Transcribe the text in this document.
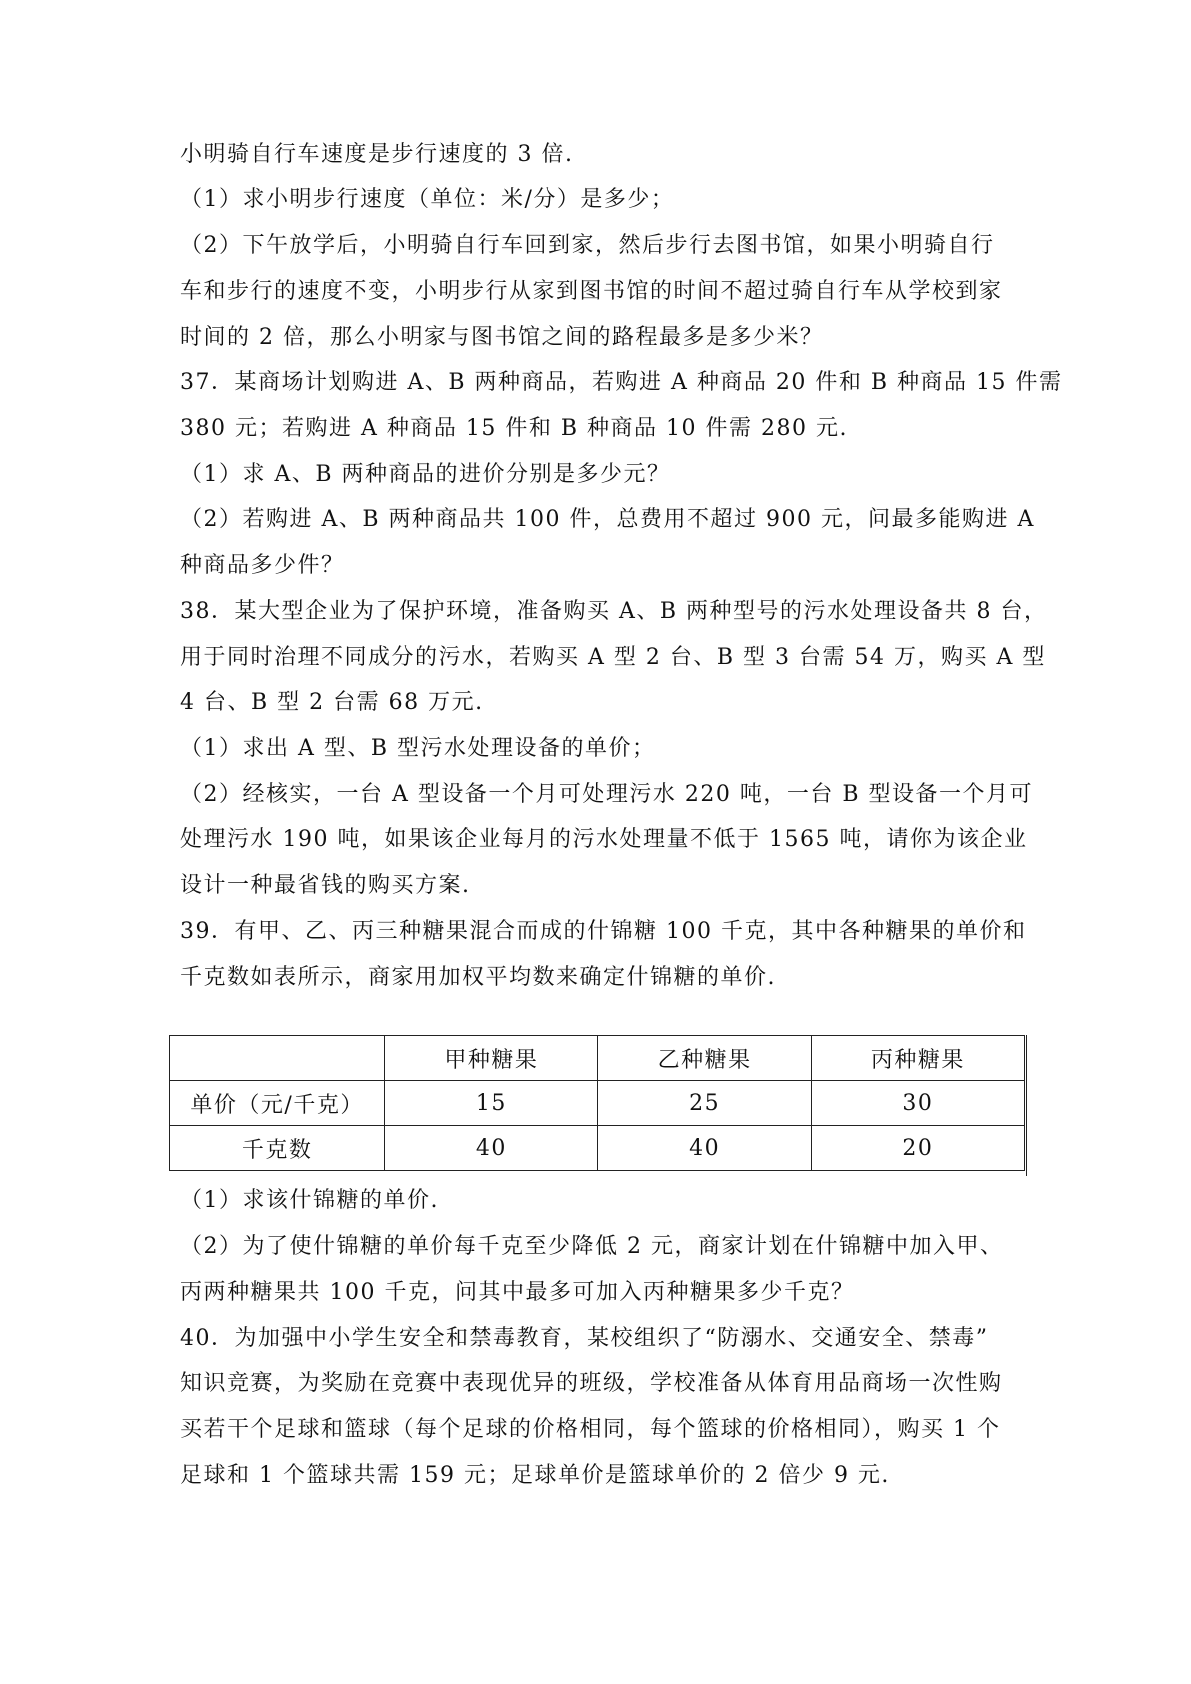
小明骑自行车速度是步行速度的 3 倍.
（1）求小明步行速度（单位：米/分）是多少；
（2）下午放学后，小明骑自行车回到家，然后步行去图书馆，如果小明骑自行
车和步行的速度不变，小明步行从家到图书馆的时间不超过骑自行车从学校到家
时间的 2 倍，那么小明家与图书馆之间的路程最多是多少米？
37．某商场计划购进 A、B 两种商品，若购进 A 种商品 20 件和 B 种商品 15 件需
380 元；若购进 A 种商品 15 件和 B 种商品 10 件需 280 元.
（1）求 A、B 两种商品的进价分别是多少元？
（2）若购进 A、B 两种商品共 100 件，总费用不超过 900 元，问最多能购进 A
种商品多少件？
38．某大型企业为了保护环境，准备购买 A、B 两种型号的污水处理设备共 8 台，
用于同时治理不同成分的污水，若购买 A 型 2 台、B 型 3 台需 54 万，购买 A 型
4 台、B 型 2 台需 68 万元.
（1）求出 A 型、B 型污水处理设备的单价；
（2）经核实，一台 A 型设备一个月可处理污水 220 吨，一台 B 型设备一个月可
处理污水 190 吨，如果该企业每月的污水处理量不低于 1565 吨，请你为该企业
设计一种最省钱的购买方案.
39．有甲、乙、丙三种糖果混合而成的什锦糖 100 千克，其中各种糖果的单价和
千克数如表所示，商家用加权平均数来确定什锦糖的单价.
	甲种糖果	乙种糖果	丙种糖果
单价（元/千克）	15	25	30
千克数	40	40	20
（1）求该什锦糖的单价.
（2）为了使什锦糖的单价每千克至少降低 2 元，商家计划在什锦糖中加入甲、
丙两种糖果共 100 千克，问其中最多可加入丙种糖果多少千克？
40．为加强中小学生安全和禁毒教育，某校组织了“防溺水、交通安全、禁毒”
知识竞赛，为奖励在竞赛中表现优异的班级，学校准备从体育用品商场一次性购
买若干个足球和篮球（每个足球的价格相同，每个篮球的价格相同），购买 1 个
足球和 1 个篮球共需 159 元；足球单价是篮球单价的 2 倍少 9 元.
